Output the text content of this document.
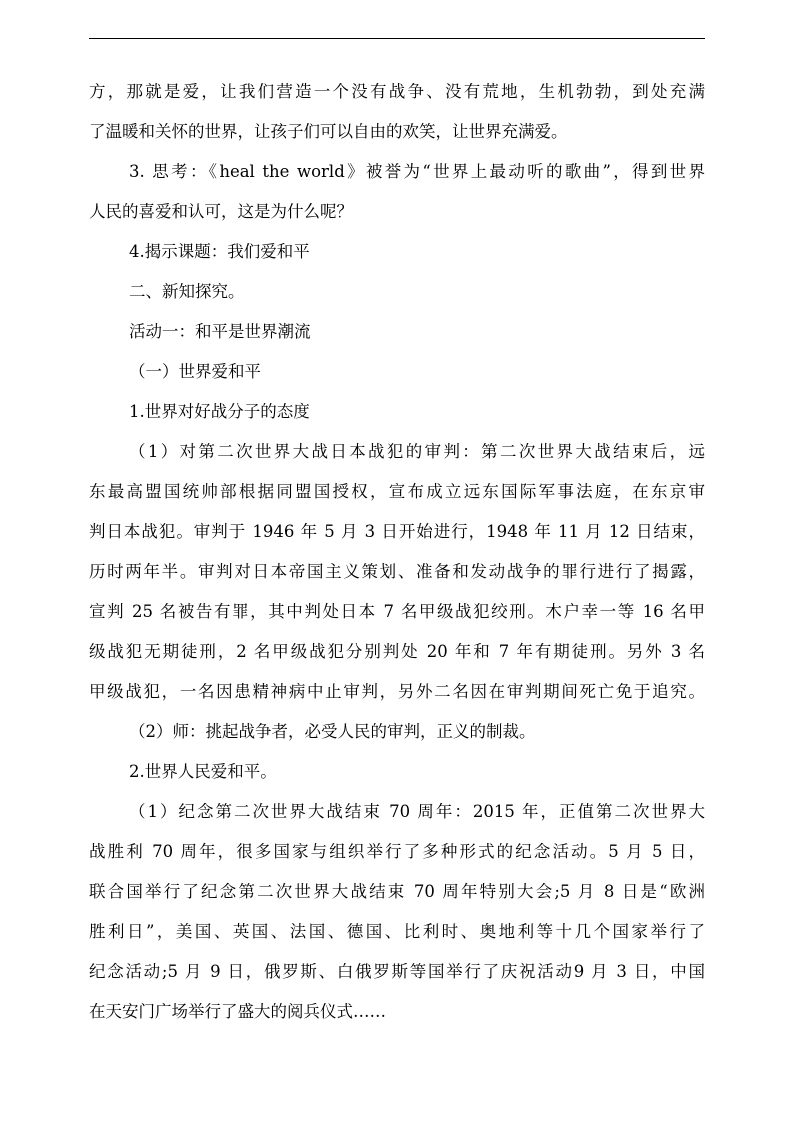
方，那就是爱，让我们营造一个没有战争、没有荒地，生机勃勃，到处充满
了温暖和关怀的世界，让孩子们可以自由的欢笑，让世界充满爱。
3. 思考：《heal the world》被誉为“世界上最动听的歌曲”，得到世界
人民的喜爱和认可，这是为什么呢？
4.揭示课题：我们爱和平
二、新知探究。
活动一：和平是世界潮流
（一）世界爱和平
1.世界对好战分子的态度
（1）对第二次世界大战日本战犯的审判：第二次世界大战结束后，远
东最高盟国统帅部根据同盟国授权，宣布成立远东国际军事法庭，在东京审
判日本战犯。审判于 1946 年 5 月 3 日开始进行，1948 年 11 月 12 日结束，
历时两年半。审判对日本帝国主义策划、准备和发动战争的罪行进行了揭露，
宣判 25 名被告有罪，其中判处日本 7 名甲级战犯绞刑。木户幸一等 16 名甲
级战犯无期徒刑，2 名甲级战犯分别判处 20 年和 7 年有期徒刑。另外 3 名
甲级战犯，一名因患精神病中止审判，另外二名因在审判期间死亡免于追究。
（2）师：挑起战争者，必受人民的审判，正义的制裁。
2.世界人民爱和平。
（1）纪念第二次世界大战结束 70 周年：2015 年，正值第二次世界大
战胜利 70 周年，很多国家与组织举行了多种形式的纪念活动。5 月 5 日，
联合国举行了纪念第二次世界大战结束 70 周年特别大会;5 月 8 日是“欧洲
胜利日”，美国、英国、法国、德国、比利时、奥地利等十几个国家举行了
纪念活动;5 月 9 日，俄罗斯、白俄罗斯等国举行了庆祝活动9 月 3 日，中国
在天安门广场举行了盛大的阅兵仪式……
